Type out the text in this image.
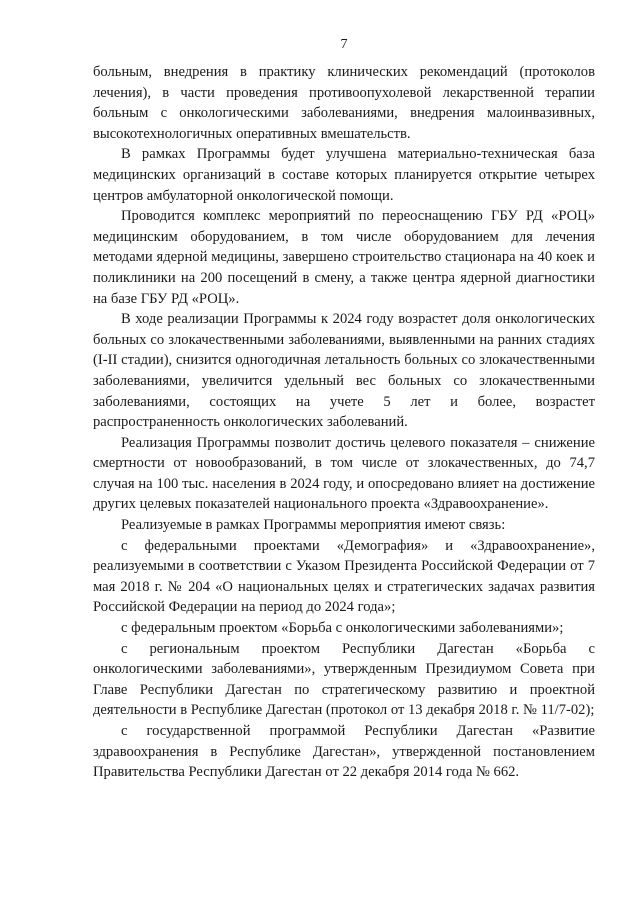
7

больным, внедрения в практику клинических рекомендаций (протоколов лечения), в части проведения противоопухолевой лекарственной терапии больным с онкологическими заболеваниями, внедрения малоинвазивных, высокотехнологичных оперативных вмешательств.

В рамках Программы будет улучшена материально-техническая база медицинских организаций в составе которых планируется открытие четырех центров амбулаторной онкологической помощи.

Проводится комплекс мероприятий по переоснащению ГБУ РД «РОЦ» медицинским оборудованием, в том числе оборудованием для лечения методами ядерной медицины, завершено строительство стационара на 40 коек и поликлиники на 200 посещений в смену, а также центра ядерной диагностики на базе ГБУ РД «РОЦ».

В ходе реализации Программы к 2024 году возрастет доля онкологических больных со злокачественными заболеваниями, выявленными на ранних стадиях (I-II стадии), снизится одногодичная летальность больных со злокачественными заболеваниями, увеличится удельный вес больных со злокачественными заболеваниями, состоящих на учете 5 лет и более, возрастет распространенность онкологических заболеваний.

Реализация Программы позволит достичь целевого показателя – снижение смертности от новообразований, в том числе от злокачественных, до 74,7 случая на 100 тыс. населения в 2024 году, и опосредовано влияет на достижение других целевых показателей национального проекта «Здравоохранение».

Реализуемые в рамках Программы мероприятия имеют связь:

с федеральными проектами «Демография» и «Здравоохранение», реализуемыми в соответствии с Указом Президента Российской Федерации от 7 мая 2018 г. № 204 «О национальных целях и стратегических задачах развития Российской Федерации на период до 2024 года»;

с федеральным проектом «Борьба с онкологическими заболеваниями»;

с региональным проектом Республики Дагестан «Борьба с онкологическими заболеваниями», утвержденным Президиумом Совета при Главе Республики Дагестан по стратегическому развитию и проектной деятельности в Республике Дагестан (протокол от 13 декабря 2018 г. № 11/7-02);

с государственной программой Республики Дагестан «Развитие здравоохранения в Республике Дагестан», утвержденной постановлением Правительства Республики Дагестан от 22 декабря 2014 года № 662.
